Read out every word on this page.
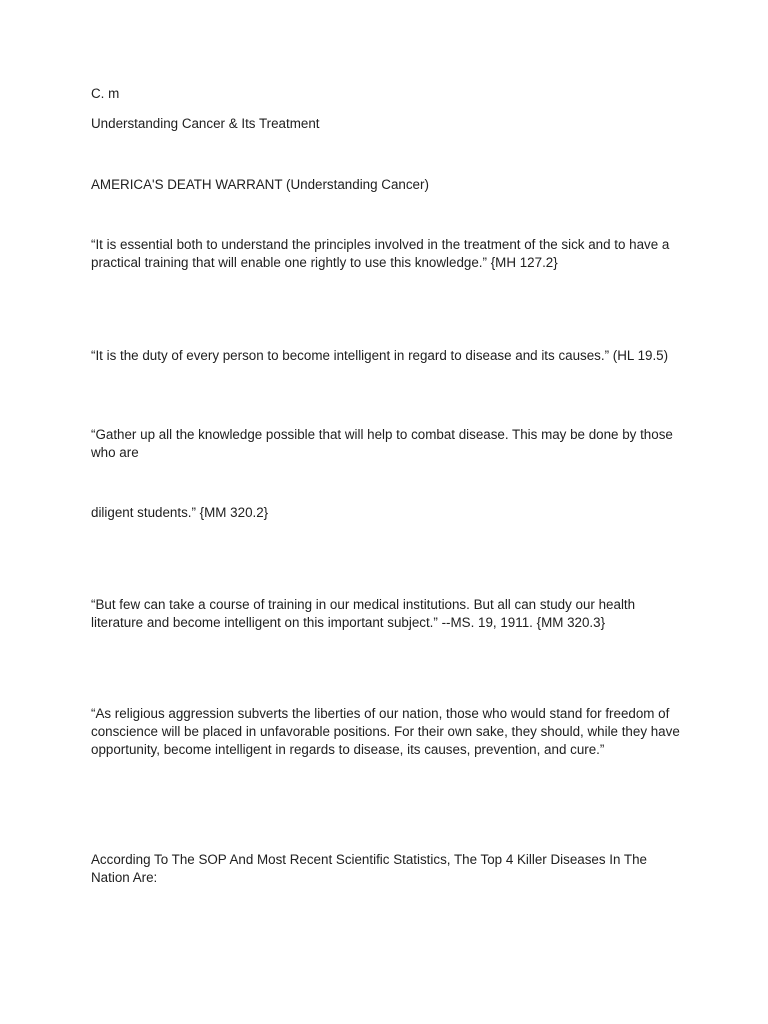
C. m

Understanding Cancer & Its Treatment

AMERICA'S DEATH WARRANT (Understanding Cancer)

“It is essential both to understand the principles involved in the treatment of the sick and to have a practical training that will enable one rightly to use this knowledge.” {MH 127.2}

“It is the duty of every person to become intelligent in regard to disease and its causes.” (HL 19.5)

“Gather up all the knowledge possible that will help to combat disease. This may be done by those who are

diligent students.” {MM 320.2}

“But few can take a course of training in our medical institutions. But all can study our health literature and become intelligent on this important subject.” --MS. 19, 1911. {MM 320.3}

“As religious aggression subverts the liberties of our nation, those who would stand for freedom of conscience will be placed in unfavorable positions. For their own sake, they should, while they have opportunity, become intelligent in regards to disease, its causes, prevention, and cure.”

According To The SOP And Most Recent Scientific Statistics, The Top 4 Killer Diseases In The Nation Are:
